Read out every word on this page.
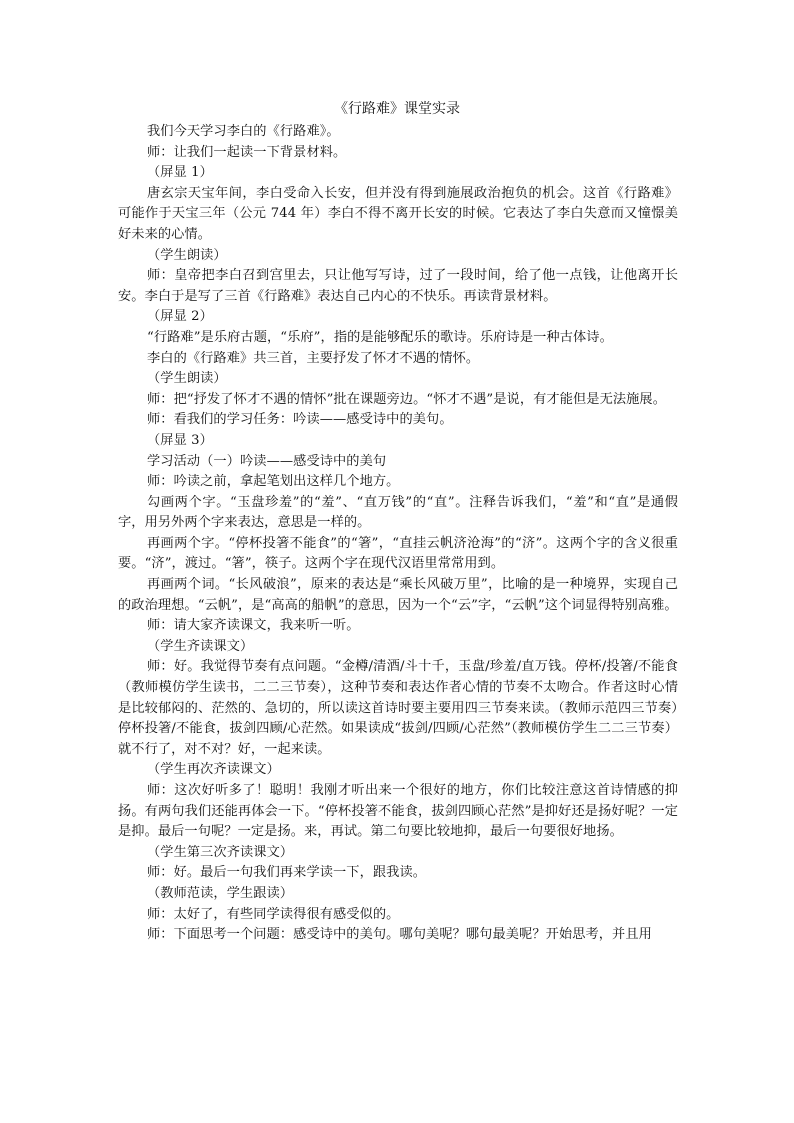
《行路难》课堂实录

我们今天学习李白的《行路难》。

师：让我们一起读一下背景材料。

（屏显 1）

唐玄宗天宝年间，李白受命入长安，但并没有得到施展政治抱负的机会。这首《行路难》可能作于天宝三年（公元 744 年）李白不得不离开长安的时候。它表达了李白失意而又憧憬美好未来的心情。

（学生朗读）

师：皇帝把李白召到宫里去，只让他写写诗，过了一段时间，给了他一点钱，让他离开长安。李白于是写了三首《行路难》表达自己内心的不快乐。再读背景材料。

（屏显 2）

“行路难”是乐府古题，“乐府”，指的是能够配乐的歌诗。乐府诗是一种古体诗。

李白的《行路难》共三首，主要抒发了怀才不遇的情怀。

（学生朗读）

师：把“抒发了怀才不遇的情怀”批在课题旁边。“怀才不遇”是说，有才能但是无法施展。

师：看我们的学习任务：吟读——感受诗中的美句。

（屏显 3）

学习活动（一）吟读——感受诗中的美句

师：吟读之前，拿起笔划出这样几个地方。

勾画两个字。“玉盘珍羞”的“羞”、“直万钱”的“直”。注释告诉我们，“羞”和“直”是通假字，用另外两个字来表达，意思是一样的。

再画两个字。“停杯投箸不能食”的“箸”，“直挂云帆济沧海”的“济”。这两个字的含义很重要。“济”，渡过。“箸”，筷子。这两个字在现代汉语里常常用到。

再画两个词。“长风破浪”，原来的表达是“乘长风破万里”，比喻的是一种境界，实现自己的政治理想。“云帆”，是“高高的船帆”的意思，因为一个“云”字，“云帆”这个词显得特别高雅。

师：请大家齐读课文，我来听一听。

（学生齐读课文）

师：好。我觉得节奏有点问题。“金樽/清酒/斗十千，玉盘/珍羞/直万钱。停杯/投箸/不能食（教师模仿学生读书，二二三节奏），这种节奏和表达作者心情的节奏不太吻合。作者这时心情是比较郁闷的、茫然的、急切的，所以读这首诗时要主要用四三节奏来读。（教师示范四三节奏）停杯投箸/不能食，拔剑四顾/心茫然。如果读成“拔剑/四顾/心茫然”（教师模仿学生二二三节奏）就不行了，对不对？好，一起来读。

（学生再次齐读课文）

师：这次好听多了！聪明！我刚才听出来一个很好的地方，你们比较注意这首诗情感的抑扬。有两句我们还能再体会一下。“停杯投箸不能食，拔剑四顾心茫然”是抑好还是扬好呢？一定是抑。最后一句呢？一定是扬。来，再试。第二句要比较地抑，最后一句要很好地扬。

（学生第三次齐读课文）

师：好。最后一句我们再来学读一下，跟我读。

（教师范读，学生跟读）

师：太好了，有些同学读得很有感受似的。

师：下面思考一个问题：感受诗中的美句。哪句美呢？哪句最美呢？开始思考，并且用
